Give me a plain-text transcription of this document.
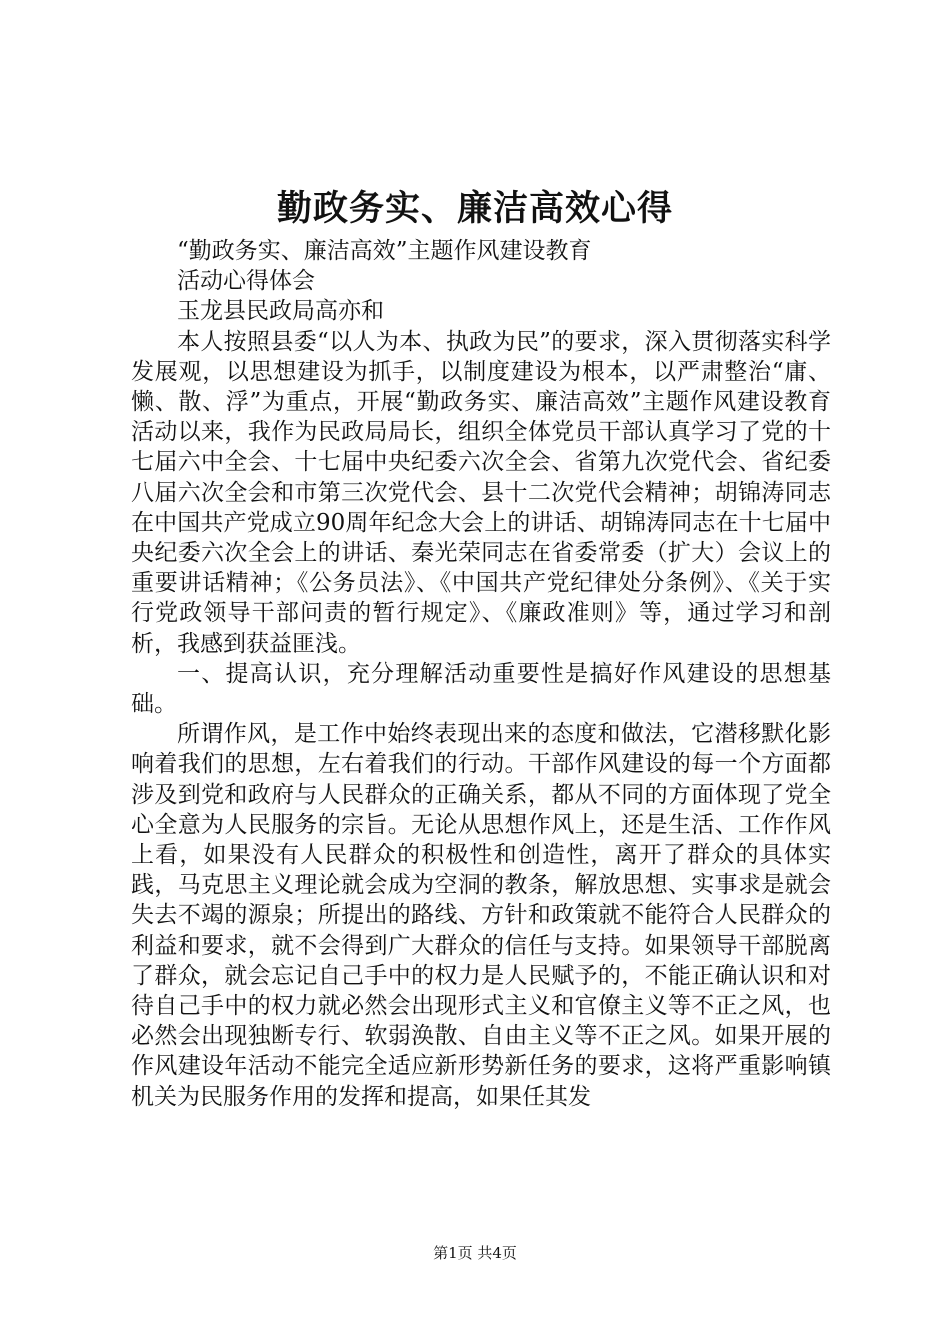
勤政务实、廉洁高效心得

“勤政务实、廉洁高效”主题作风建设教育

活动心得体会

玉龙县民政局高亦和

本人按照县委“以人为本、执政为民”的要求，深入贯彻落实科学发展观，以思想建设为抓手，以制度建设为根本，以严肃整治“庸、懒、散、浮”为重点，开展“勤政务实、廉洁高效”主题作风建设教育活动以来，我作为民政局局长，组织全体党员干部认真学习了党的十七届六中全会、十七届中央纪委六次全会、省第九次党代会、省纪委八届六次全会和市第三次党代会、县十二次党代会精神；胡锦涛同志在中国共产党成立90周年纪念大会上的讲话、胡锦涛同志在十七届中央纪委六次全会上的讲话、秦光荣同志在省委常委（扩大）会议上的重要讲话精神；《公务员法》、《中国共产党纪律处分条例》、《关于实行党政领导干部问责的暂行规定》、《廉政准则》等，通过学习和剖析，我感到获益匪浅。

一、提高认识，充分理解活动重要性是搞好作风建设的思想基础。

所谓作风，是工作中始终表现出来的态度和做法，它潜移默化影响着我们的思想，左右着我们的行动。干部作风建设的每一个方面都涉及到党和政府与人民群众的正确关系，都从不同的方面体现了党全心全意为人民服务的宗旨。无论从思想作风上，还是生活、工作作风上看，如果没有人民群众的积极性和创造性，离开了群众的具体实践，马克思主义理论就会成为空洞的教条，解放思想、实事求是就会失去不竭的源泉；所提出的路线、方针和政策就不能符合人民群众的利益和要求，就不会得到广大群众的信任与支持。如果领导干部脱离了群众，就会忘记自己手中的权力是人民赋予的，不能正确认识和对待自己手中的权力就必然会出现形式主义和官僚主义等不正之风，也必然会出现独断专行、软弱涣散、自由主义等不正之风。如果开展的作风建设年活动不能完全适应新形势新任务的要求，这将严重影响镇机关为民服务作用的发挥和提高，如果任其发

第1页 共4页
